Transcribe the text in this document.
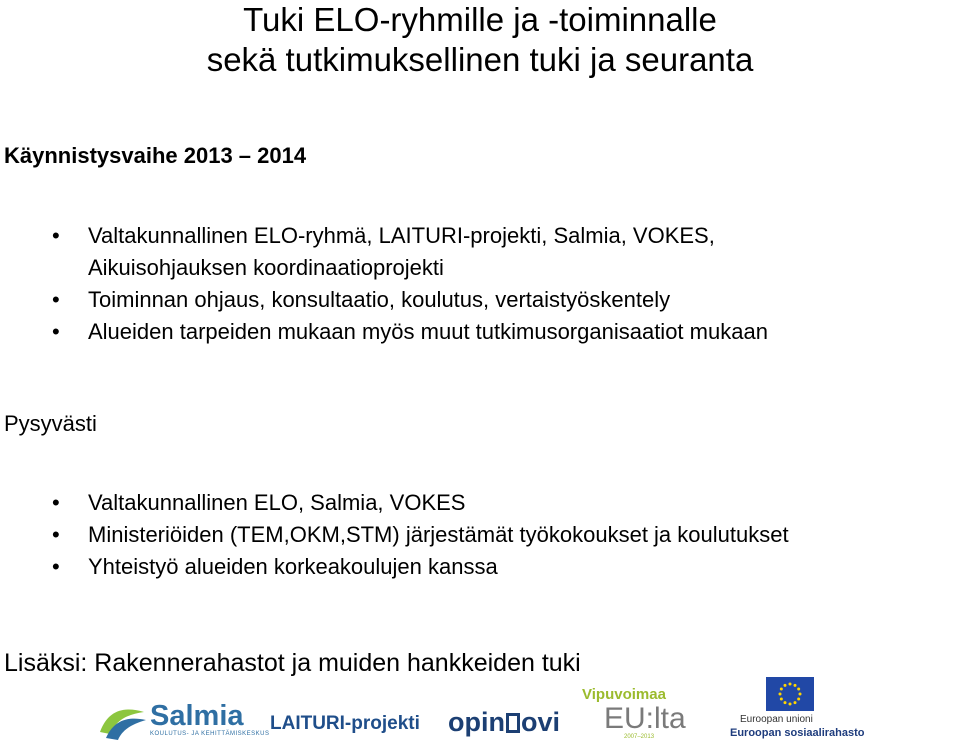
Tuki ELO-ryhmille ja -toiminnalle
sekä tutkimuksellinen tuki ja seuranta
Käynnistysvaihe 2013 – 2014
• Valtakunnallinen ELO-ryhmä, LAITURI-projekti, Salmia, VOKES,
Aikuisohjauksen koordinaatioprojekti
• Toiminnan ohjaus, konsultaatio, koulutus, vertaistyöskentely
• Alueiden tarpeiden mukaan myös muut tutkimusorganisaatiot mukaan
Pysyvästi
• Valtakunnallinen ELO, Salmia, VOKES
• Ministeriöiden (TEM,OKM,STM) järjestämät työkokoukset ja koulutukset
• Yhteistyö alueiden korkeakoulujen kanssa
Lisäksi: Rakennerahastot ja muiden hankkeiden tuki
Salmia
KOULUTUS- JA KEHITTÄMISKESKUS LAITURI-projekti opin ovi
Vipuvoimaa
EU:lta
2007–2013
Euroopan unioni
Euroopan sosiaalirahasto
